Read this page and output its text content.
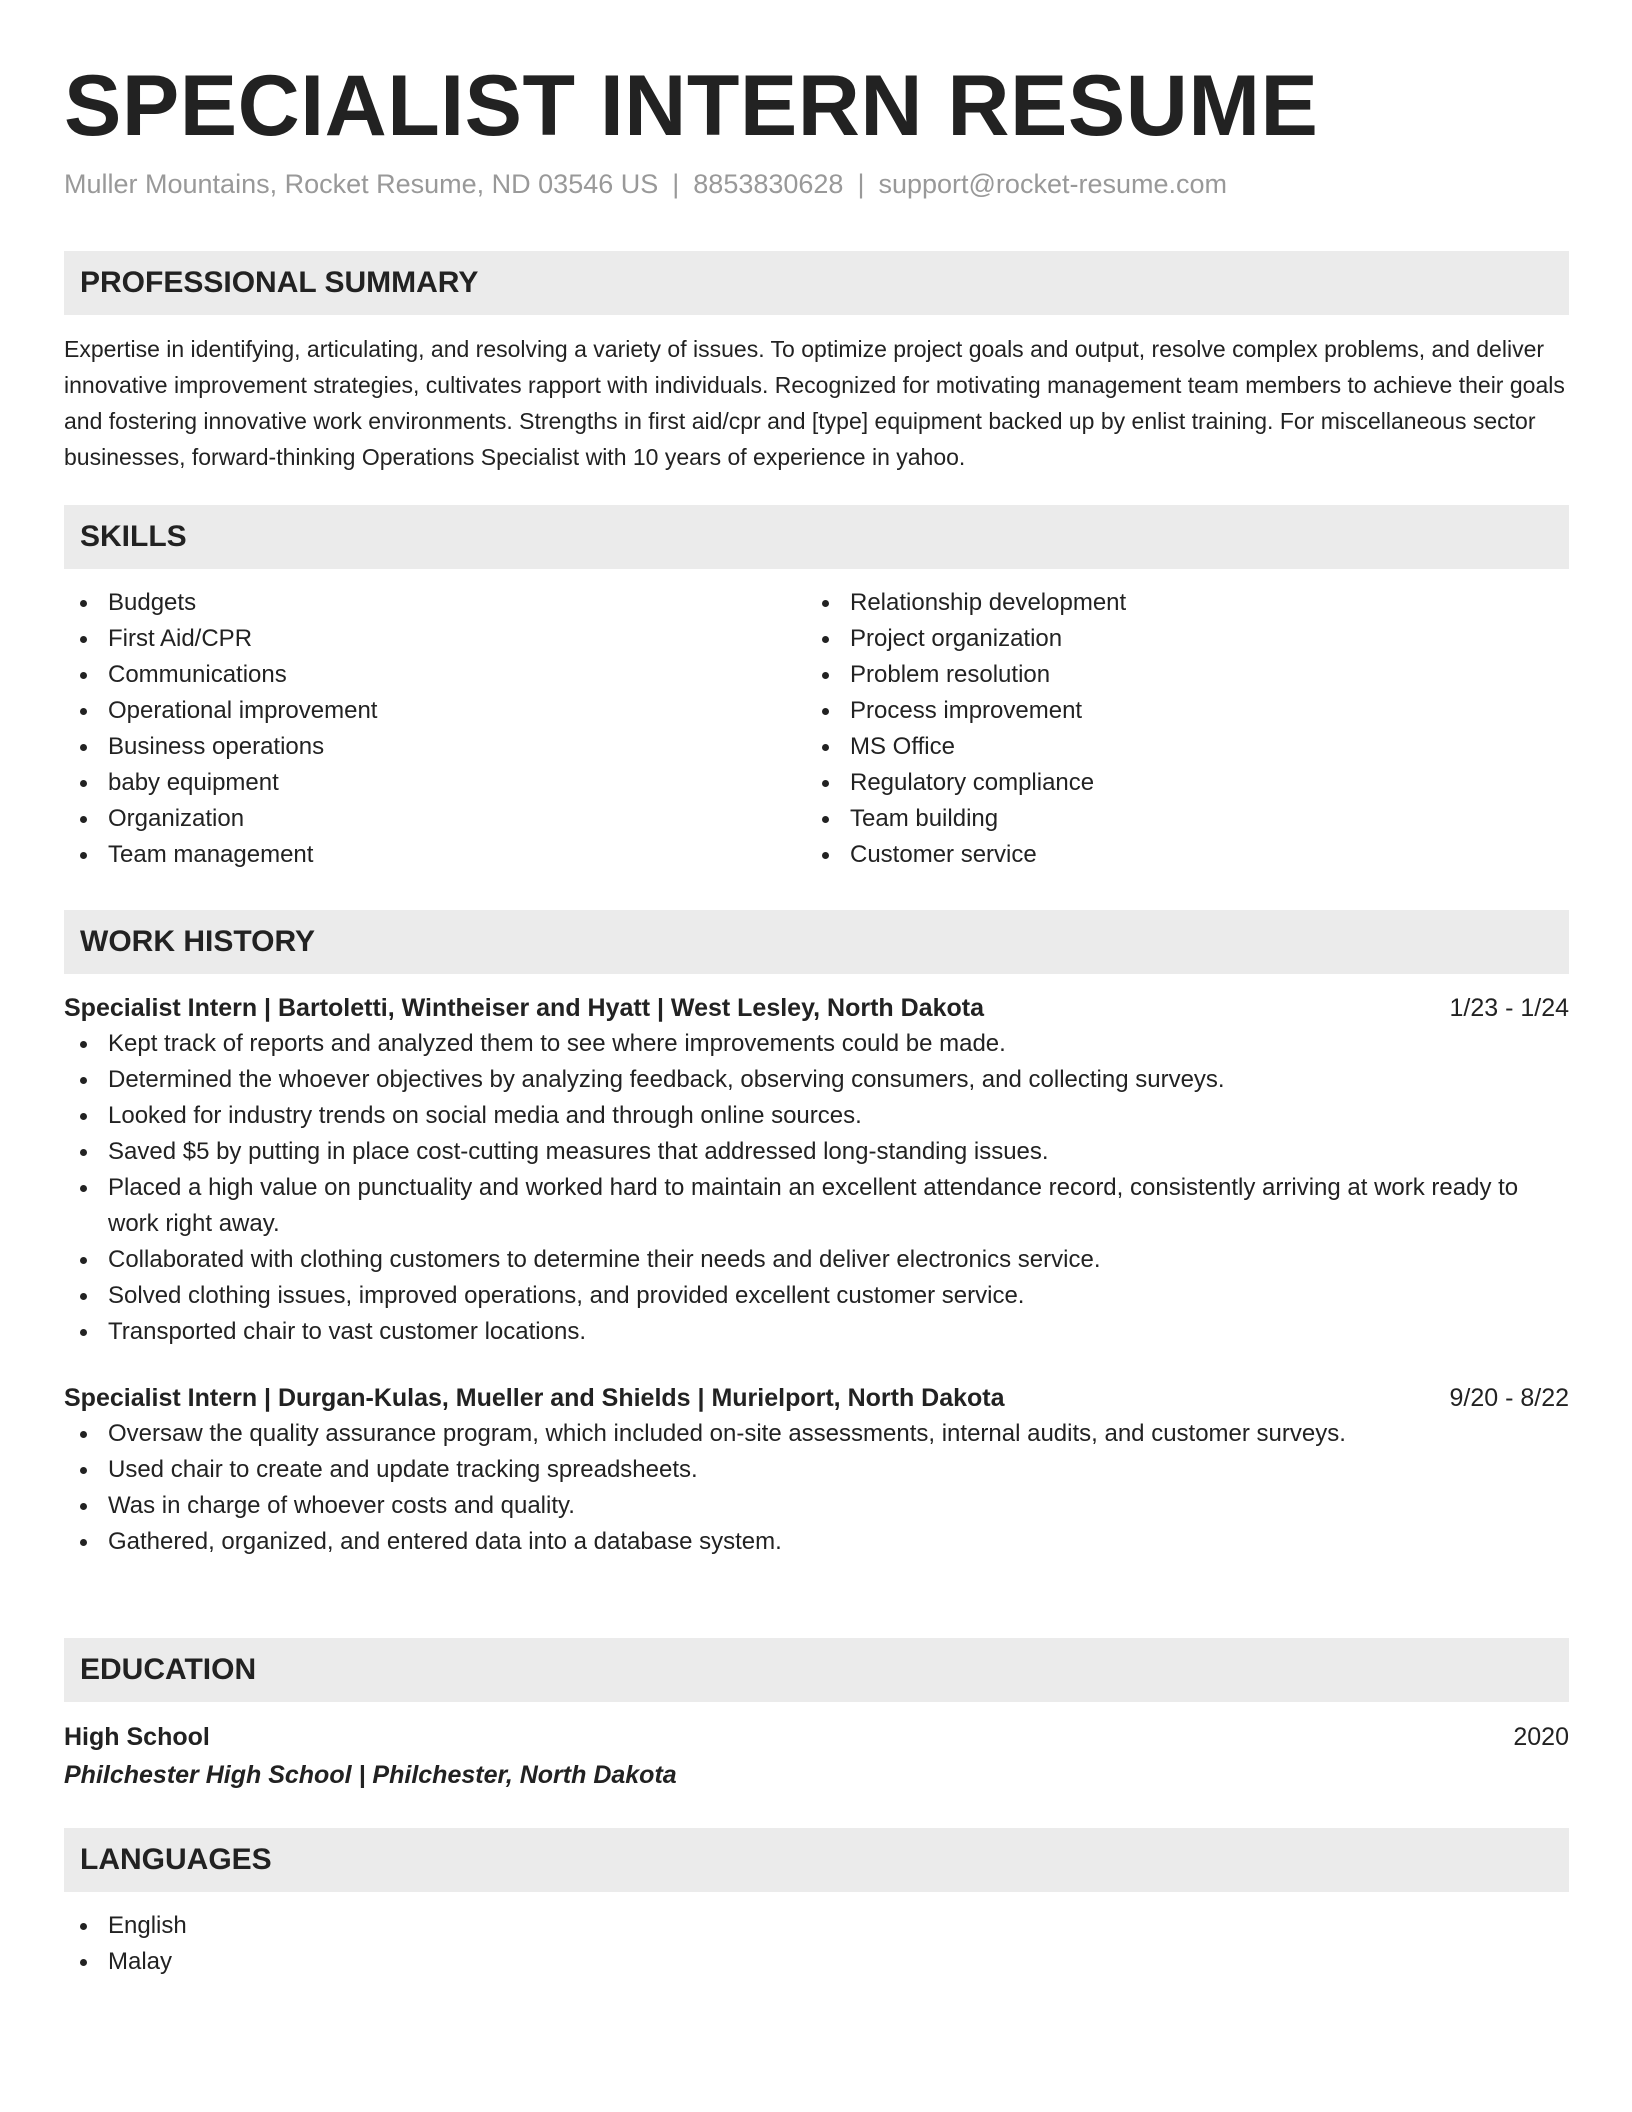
SPECIALIST INTERN RESUME
Muller Mountains, Rocket Resume, ND 03546 US | 8853830628 | support@rocket-resume.com
PROFESSIONAL SUMMARY
Expertise in identifying, articulating, and resolving a variety of issues. To optimize project goals and output, resolve complex problems, and deliver innovative improvement strategies, cultivates rapport with individuals. Recognized for motivating management team members to achieve their goals and fostering innovative work environments. Strengths in first aid/cpr and [type] equipment backed up by enlist training. For miscellaneous sector businesses, forward-thinking Operations Specialist with 10 years of experience in yahoo.
SKILLS
Budgets
First Aid/CPR
Communications
Operational improvement
Business operations
baby equipment
Organization
Team management
Relationship development
Project organization
Problem resolution
Process improvement
MS Office
Regulatory compliance
Team building
Customer service
WORK HISTORY
Specialist Intern | Bartoletti, Wintheiser and Hyatt | West Lesley, North Dakota	1/23 - 1/24
Kept track of reports and analyzed them to see where improvements could be made.
Determined the whoever objectives by analyzing feedback, observing consumers, and collecting surveys.
Looked for industry trends on social media and through online sources.
Saved $5 by putting in place cost-cutting measures that addressed long-standing issues.
Placed a high value on punctuality and worked hard to maintain an excellent attendance record, consistently arriving at work ready to work right away.
Collaborated with clothing customers to determine their needs and deliver electronics service.
Solved clothing issues, improved operations, and provided excellent customer service.
Transported chair to vast customer locations.
Specialist Intern | Durgan-Kulas, Mueller and Shields | Murielport, North Dakota	9/20 - 8/22
Oversaw the quality assurance program, which included on-site assessments, internal audits, and customer surveys.
Used chair to create and update tracking spreadsheets.
Was in charge of whoever costs and quality.
Gathered, organized, and entered data into a database system.
EDUCATION
High School	2020
Philchester High School | Philchester, North Dakota
LANGUAGES
English
Malay
